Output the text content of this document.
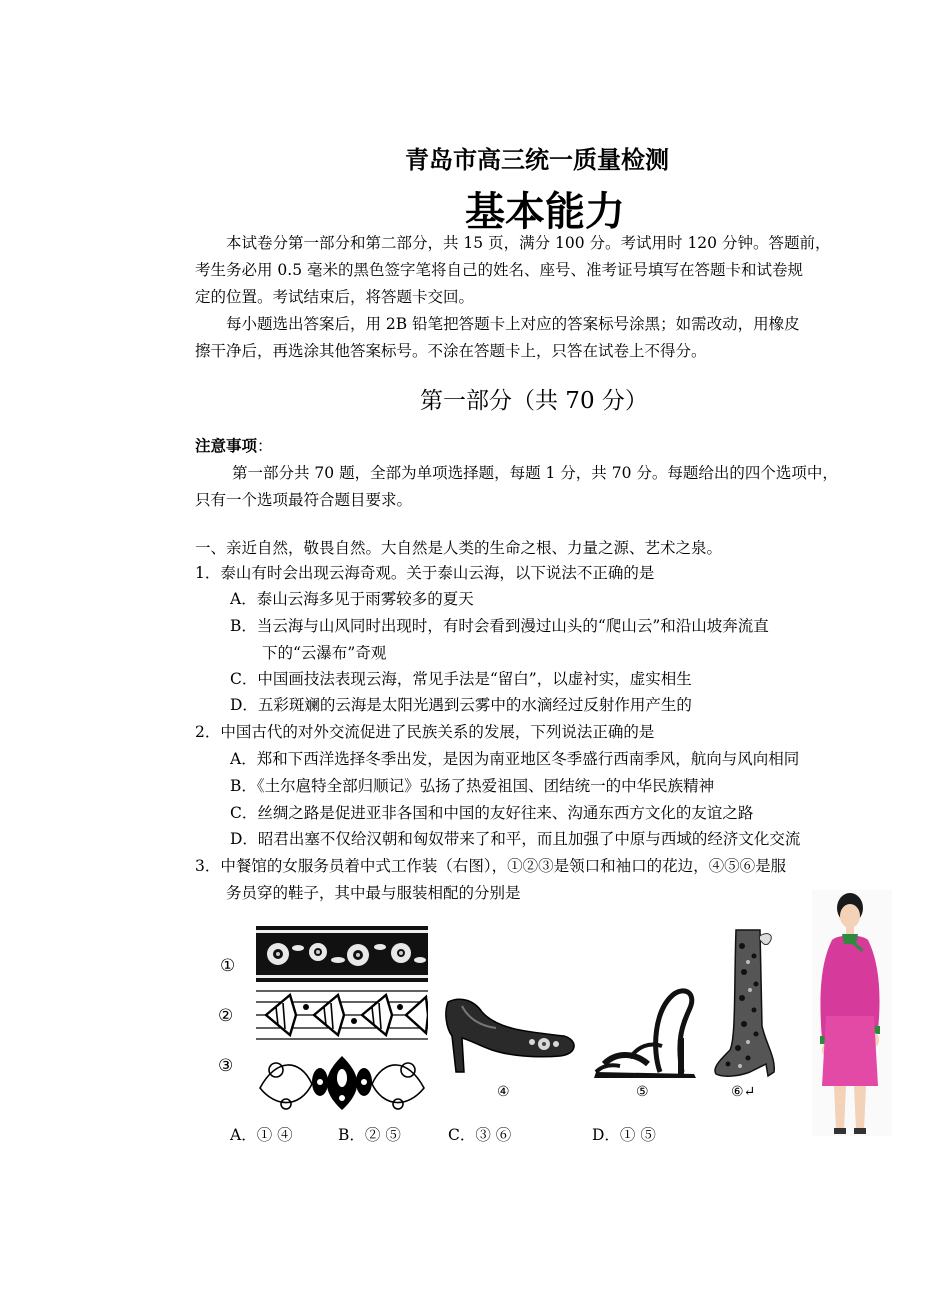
青岛市高三统一质量检测
基本能力
本试卷分第一部分和第二部分，共 15 页，满分 100 分。考试用时 120 分钟。答题前，
考生务必用 0.5 毫米的黑色签字笔将自己的姓名、座号、准考证号填写在答题卡和试卷规
定的位置。考试结束后，将答题卡交回。
每小题选出答案后，用 2B 铅笔把答题卡上对应的答案标号涂黑；如需改动，用橡皮
擦干净后，再选涂其他答案标号。不涂在答题卡上，只答在试卷上不得分。
第一部分（共 70 分）
注意事项：
第一部分共 70 题，全部为单项选择题，每题 1 分，共 70 分。每题给出的四个选项中，
只有一个选项最符合题目要求。
一、亲近自然，敬畏自然。大自然是人类的生命之根、力量之源、艺术之泉。
1．泰山有时会出现云海奇观。关于泰山云海，以下说法不正确的是
A．泰山云海多见于雨雾较多的夏天
B．当云海与山风同时出现时，有时会看到漫过山头的“爬山云”和沿山坡奔流直
下的“云瀑布”奇观
C．中国画技法表现云海，常见手法是“留白”，以虚衬实，虚实相生
D．五彩斑斓的云海是太阳光遇到云雾中的水滴经过反射作用产生的
2．中国古代的对外交流促进了民族关系的发展，下列说法正确的是
A．郑和下西洋选择冬季出发，是因为南亚地区冬季盛行西南季风，航向与风向相同
B．《土尔扈特全部归顺记》弘扬了热爱祖国、团结统一的中华民族精神
C．丝绸之路是促进亚非各国和中国的友好往来、沟通东西方文化的友谊之路
D．昭君出塞不仅给汉朝和匈奴带来了和平，而且加强了中原与西域的经济文化交流
3．中餐馆的女服务员着中式工作装（右图），①②③是领口和袖口的花边，④⑤⑥是服
务员穿的鞋子，其中最与服装相配的分别是
①
②
③
④	⑤	⑥↵
A．① ④	B．② ⑤	C．③ ⑥	D．① ⑤
